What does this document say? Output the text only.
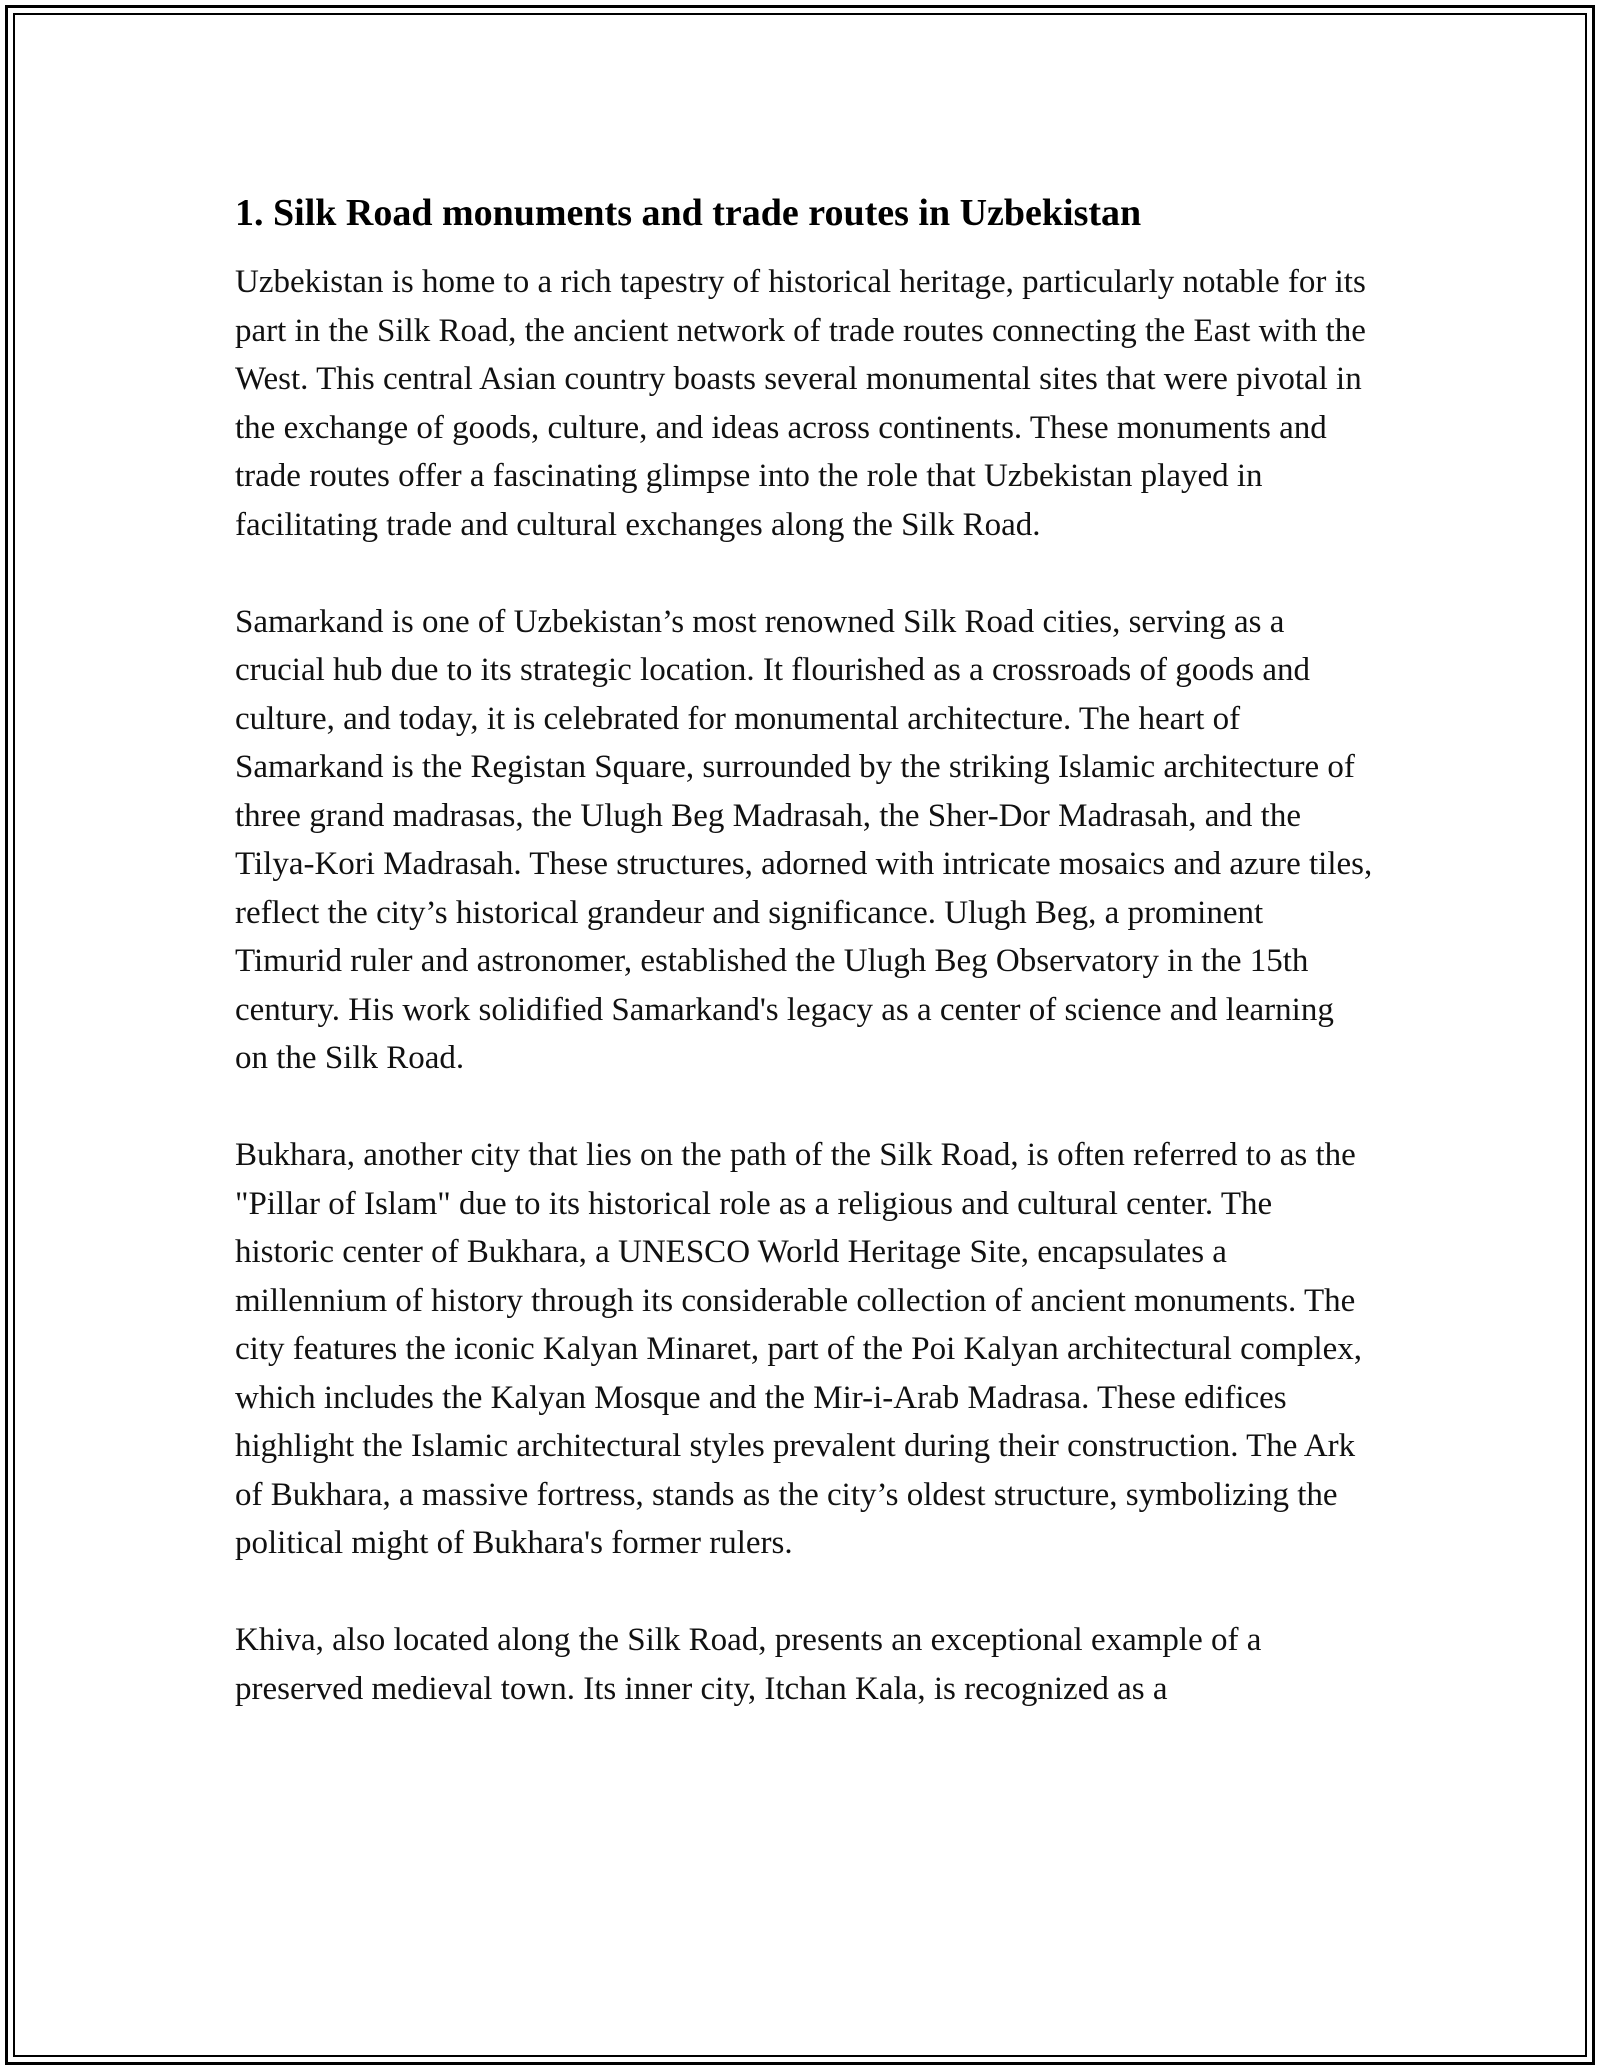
1. Silk Road monuments and trade routes in Uzbekistan

Uzbekistan is home to a rich tapestry of historical heritage, particularly notable for its part in the Silk Road, the ancient network of trade routes connecting the East with the West. This central Asian country boasts several monumental sites that were pivotal in the exchange of goods, culture, and ideas across continents. These monuments and trade routes offer a fascinating glimpse into the role that Uzbekistan played in facilitating trade and cultural exchanges along the Silk Road.

Samarkand is one of Uzbekistan’s most renowned Silk Road cities, serving as a crucial hub due to its strategic location. It flourished as a crossroads of goods and culture, and today, it is celebrated for monumental architecture. The heart of Samarkand is the Registan Square, surrounded by the striking Islamic architecture of three grand madrasas, the Ulugh Beg Madrasah, the Sher-Dor Madrasah, and the Tilya-Kori Madrasah. These structures, adorned with intricate mosaics and azure tiles, reflect the city’s historical grandeur and significance. Ulugh Beg, a prominent Timurid ruler and astronomer, established the Ulugh Beg Observatory in the 15th century. His work solidified Samarkand's legacy as a center of science and learning on the Silk Road.

Bukhara, another city that lies on the path of the Silk Road, is often referred to as the "Pillar of Islam" due to its historical role as a religious and cultural center. The historic center of Bukhara, a UNESCO World Heritage Site, encapsulates a millennium of history through its considerable collection of ancient monuments. The city features the iconic Kalyan Minaret, part of the Poi Kalyan architectural complex, which includes the Kalyan Mosque and the Mir-i-Arab Madrasa. These edifices highlight the Islamic architectural styles prevalent during their construction. The Ark of Bukhara, a massive fortress, stands as the city’s oldest structure, symbolizing the political might of Bukhara's former rulers.

Khiva, also located along the Silk Road, presents an exceptional example of a preserved medieval town. Its inner city, Itchan Kala, is recognized as a
